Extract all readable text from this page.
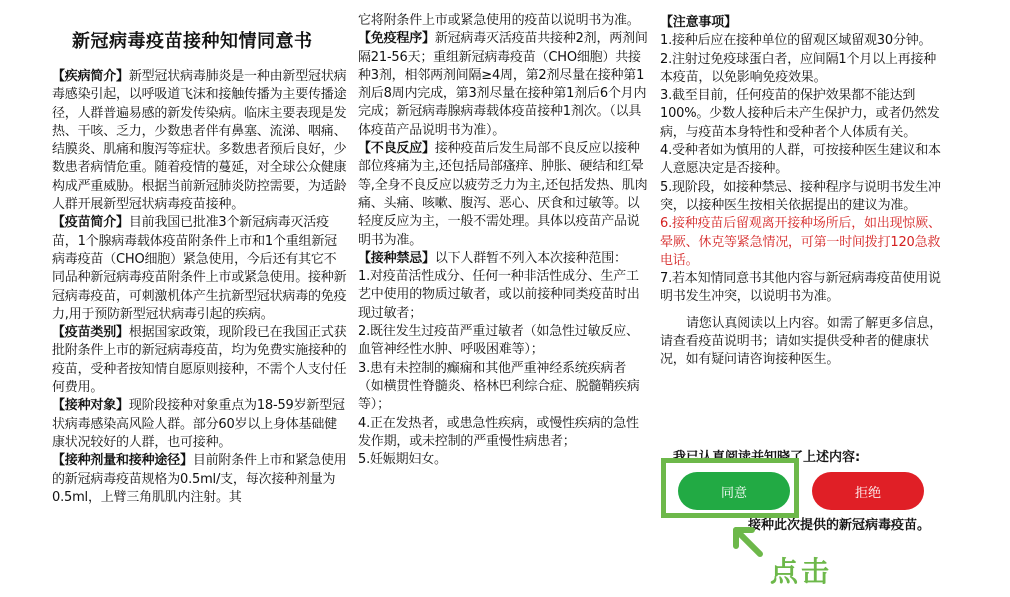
新冠病毒疫苗接种知情同意书

【疾病简介】新型冠状病毒肺炎是一种由新型冠状病毒感染引起，以呼吸道飞沫和接触传播为主要传播途径，人群普遍易感的新发传染病。临床主要表现是发热、干咳、乏力，少数患者伴有鼻塞、流涕、咽痛、结膜炎、肌痛和腹泻等症状。多数患者预后良好，少数患者病情危重。随着疫情的蔓延，对全球公众健康构成严重威胁。根据当前新冠肺炎防控需要，为适龄人群开展新型冠状病毒疫苗接种。

【疫苗简介】目前我国已批准3个新冠病毒灭活疫苗，1个腺病毒载体疫苗附条件上市和1个重组新冠病毒疫苗（CHO细胞）紧急使用，今后还有其它不同品种新冠病毒疫苗附条件上市或紧急使用。接种新冠病毒疫苗，可刺激机体产生抗新型冠状病毒的免疫力,用于预防新型冠状病毒引起的疾病。

【疫苗类别】根据国家政策，现阶段已在我国正式获批附条件上市的新冠病毒疫苗，均为免费实施接种的疫苗，受种者按知情自愿原则接种，不需个人支付任何费用。

【接种对象】现阶段接种对象重点为18-59岁新型冠状病毒感染高风险人群。部分60岁以上身体基础健康状况较好的人群，也可接种。

【接种剂量和接种途径】目前附条件上市和紧急使用的新冠病毒疫苗规格为0.5ml/支，每次接种剂量为0.5ml，上臂三角肌肌内注射。其

它将附条件上市或紧急使用的疫苗以说明书为准。

【免疫程序】新冠病毒灭活疫苗共接种2剂，两剂间隔21-56天；重组新冠病毒疫苗（CHO细胞）共接种3剂，相邻两剂间隔≥4周，第2剂尽量在接种第1剂后8周内完成，第3剂尽量在接种第1剂后6个月内完成；新冠病毒腺病毒载体疫苗接种1剂次。（以具体疫苗产品说明书为准）。

【不良反应】接种疫苗后发生局部不良反应以接种部位疼痛为主,还包括局部瘙痒、肿胀、硬结和红晕等,全身不良反应以疲劳乏力为主,还包括发热、肌肉痛、头痛、咳嗽、腹泻、恶心、厌食和过敏等。以轻度反应为主，一般不需处理。具体以疫苗产品说明书为准。

【接种禁忌】以下人群暂不列入本次接种范围：

1.对疫苗活性成分、任何一种非活性成分、生产工艺中使用的物质过敏者，或以前接种同类疫苗时出现过敏者；

2.既往发生过疫苗严重过敏者（如急性过敏反应、血管神经性水肿、呼吸困难等）；

3.患有未控制的癫痫和其他严重神经系统疾病者（如横贯性脊髓炎、格林巴利综合症、脱髓鞘疾病等）；

4.正在发热者，或患急性疾病，或慢性疾病的急性发作期，或未控制的严重慢性病患者；

5.妊娠期妇女。

【注意事项】

1.接种后应在接种单位的留观区域留观30分钟。

2.注射过免疫球蛋白者，应间隔1个月以上再接种本疫苗，以免影响免疫效果。

3.截至目前，任何疫苗的保护效果都不能达到100%。少数人接种后未产生保护力，或者仍然发病，与疫苗本身特性和受种者个人体质有关。

4.受种者如为慎用的人群，可按接种医生建议和本人意愿决定是否接种。

5.现阶段，如接种禁忌、接种程序与说明书发生冲突，以接种医生按相关依据提出的建议为准。

6.接种疫苗后留观离开接种场所后，如出现惊厥、晕厥、休克等紧急情况，可第一时间拨打120急救电话。

7.若本知情同意书其他内容与新冠病毒疫苗使用说明书发生冲突，以说明书为准。

请您认真阅读以上内容。如需了解更多信息，请查看疫苗说明书；请如实提供受种者的健康状况，如有疑问请咨询接种医生。

我已认真阅读并知晓了上述内容:
接种此次提供的新冠病毒疫苗。
同意	拒绝
点击
